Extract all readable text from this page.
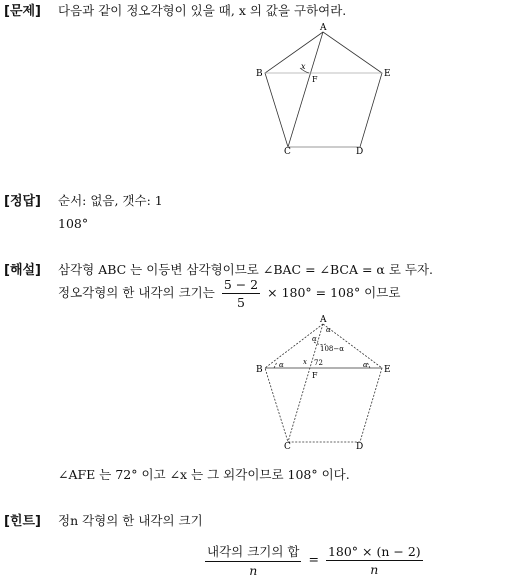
[문제] 다음과 같이 정오각형이 있을 때, x 의 값을 구하여라.
A
B	E
C	D
F
x
[정답] 순서: 없음, 갯수: 1
108°
[해설] 삼각형 ABC 는 이등변 삼각형이므로 ∠BAC = ∠BCA = α 로 두자.
정오각형의 한 내각의 크기는 $\frac{5 - 2}{5} \times 180^\circ = 108^\circ$ 이므로
A
B	E
C	D
F
α
α
108−α
72
x
α	α
∠AFE 는 72° 이고 ∠x 는 그 외각이므로 108° 이다.
[힌트] 정n 각형의 한 내각의 크기
$\frac{\text{내각의 크기의 합}}{n} = \frac{180^\circ \times (n - 2)}{n}$
